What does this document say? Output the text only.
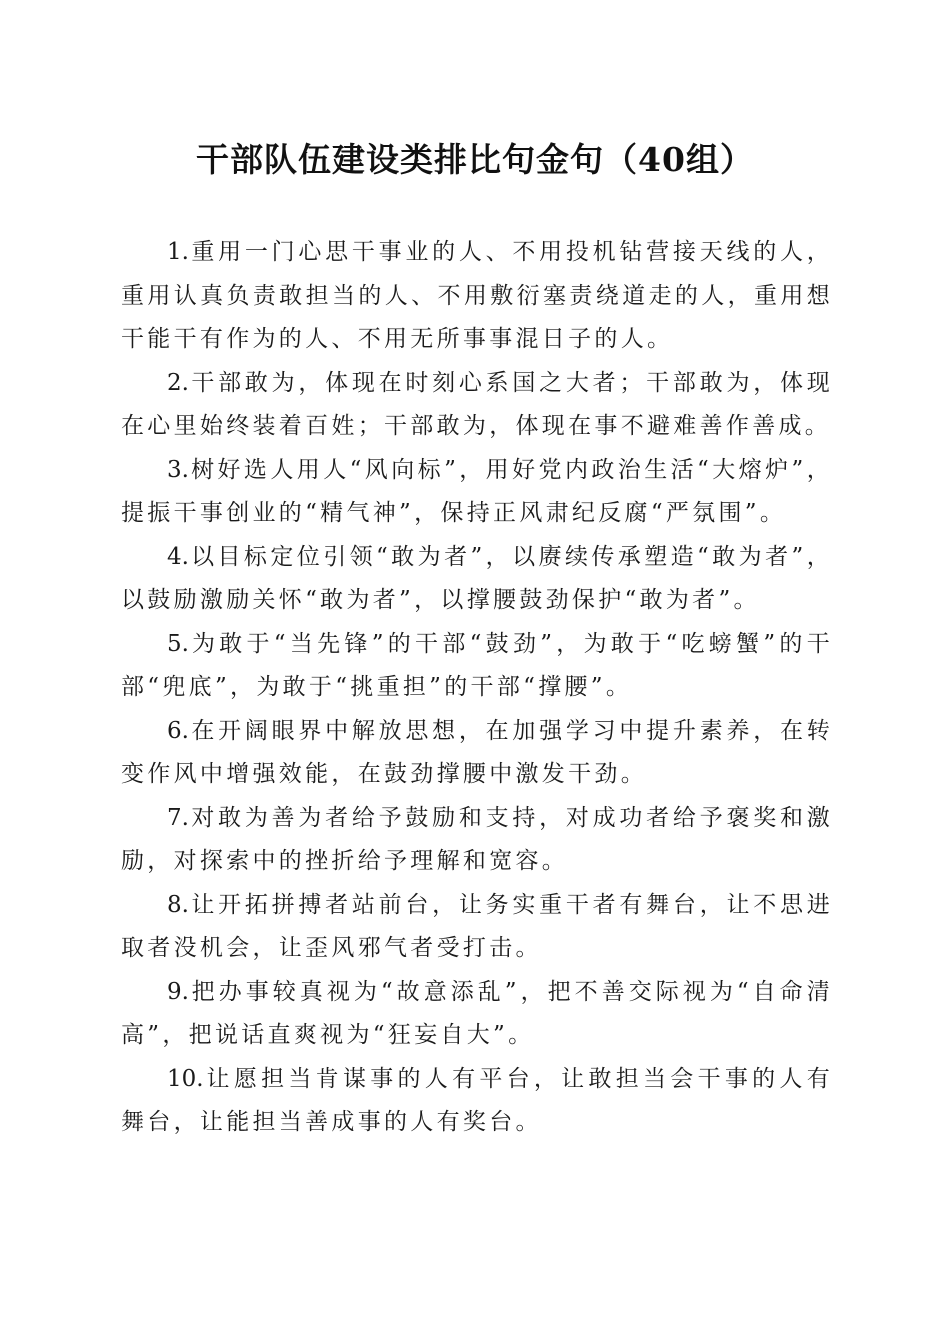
干部队伍建设类排比句金句（40组）

1.重用一门心思干事业的人、不用投机钻营接天线的人，重用认真负责敢担当的人、不用敷衍塞责绕道走的人，重用想干能干有作为的人、不用无所事事混日子的人。

2.干部敢为，体现在时刻心系国之大者；干部敢为，体现在心里始终装着百姓；干部敢为，体现在事不避难善作善成。

3.树好选人用人“风向标”，用好党内政治生活“大熔炉”，提振干事创业的“精气神”，保持正风肃纪反腐“严氛围”。

4.以目标定位引领“敢为者”，以赓续传承塑造“敢为者”，以鼓励激励关怀“敢为者”，以撑腰鼓劲保护“敢为者”。

5.为敢于“当先锋”的干部“鼓劲”，为敢于“吃螃蟹”的干部“兜底”，为敢于“挑重担”的干部“撑腰”。

6.在开阔眼界中解放思想，在加强学习中提升素养，在转变作风中增强效能，在鼓劲撑腰中激发干劲。

7.对敢为善为者给予鼓励和支持，对成功者给予褒奖和激励，对探索中的挫折给予理解和宽容。

8.让开拓拼搏者站前台，让务实重干者有舞台，让不思进取者没机会，让歪风邪气者受打击。

9.把办事较真视为“故意添乱”，把不善交际视为“自命清高”，把说话直爽视为“狂妄自大”。

10.让愿担当肯谋事的人有平台，让敢担当会干事的人有舞台，让能担当善成事的人有奖台。
